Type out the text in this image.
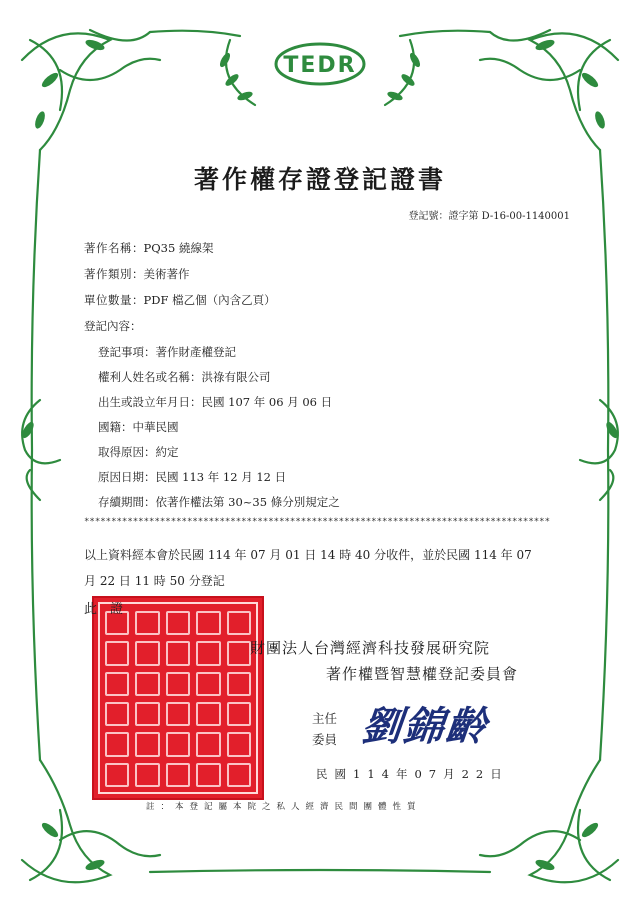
TEDR
著作權存證登記證書
登記號：證字第 D-16-00-1140001
著作名稱：PQ35 繞線架
著作類別：美術著作
單位數量：PDF 檔乙個（內含乙頁）
登記內容：
登記事項：著作財產權登記
權利人姓名或名稱：洪祿有限公司
出生或設立年月日：民國 107 年 06 月 06 日
國籍：中華民國
取得原因：約定
原因日期：民國 113 年 12 月 12 日
存續期間：依著作權法第 30~35 條分別規定之
**************************************************************************************
以上資料經本會於民國 114 年 07 月 01 日 14 時 40 分收件，並於民國 114 年 07
月 22 日 11 時 50 分登記
此　證
財團法人台灣經濟科技發展研究院
著作權暨智慧權登記委員會
主任
委員 劉錦齡
民國114年07月22日
註：本登記屬本院之私人經濟民間團體性質
